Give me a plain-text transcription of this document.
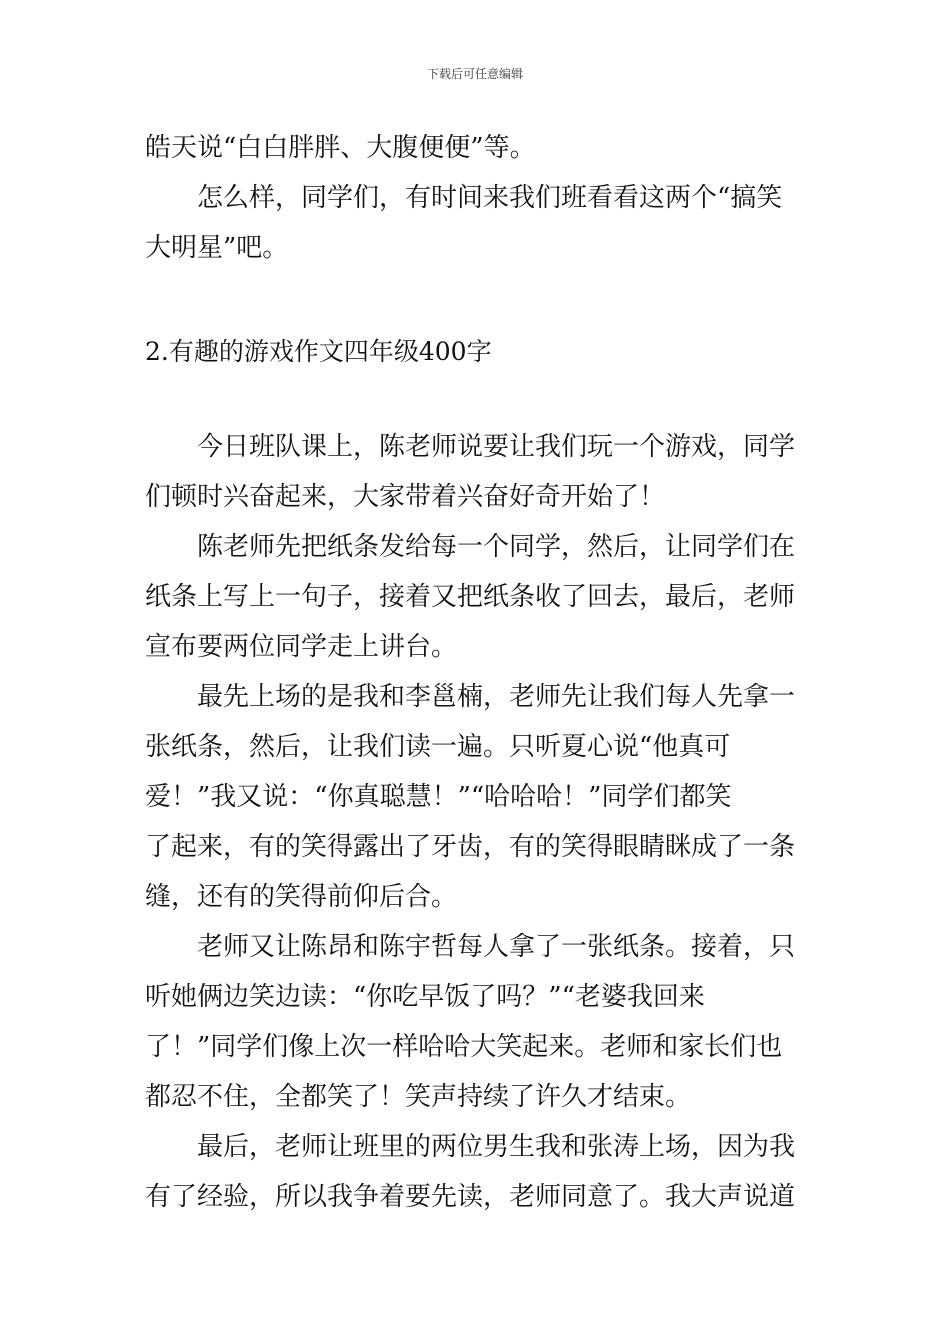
下载后可任意编辑
皓天说“白白胖胖、大腹便便”等。
　　怎么样，同学们，有时间来我们班看看这两个“搞笑
大明星”吧。
2.有趣的游戏作文四年级400字
　　今日班队课上，陈老师说要让我们玩一个游戏，同学
们顿时兴奋起来，大家带着兴奋好奇开始了！
　　陈老师先把纸条发给每一个同学，然后，让同学们在
纸条上写上一句子，接着又把纸条收了回去，最后，老师
宣布要两位同学走上讲台。
　　最先上场的是我和李邕楠，老师先让我们每人先拿一
张纸条，然后，让我们读一遍。只听夏心说“他真可
爱！”我又说：“你真聪慧！”“哈哈哈！”同学们都笑
了起来，有的笑得露出了牙齿，有的笑得眼睛眯成了一条
缝，还有的笑得前仰后合。
　　老师又让陈昂和陈宇哲每人拿了一张纸条。接着，只
听她俩边笑边读：“你吃早饭了吗？”“老婆我回来
了！”同学们像上次一样哈哈大笑起来。老师和家长们也
都忍不住，全都笑了！笑声持续了许久才结束。
　　最后，老师让班里的两位男生我和张涛上场，因为我
有了经验，所以我争着要先读，老师同意了。我大声说道
